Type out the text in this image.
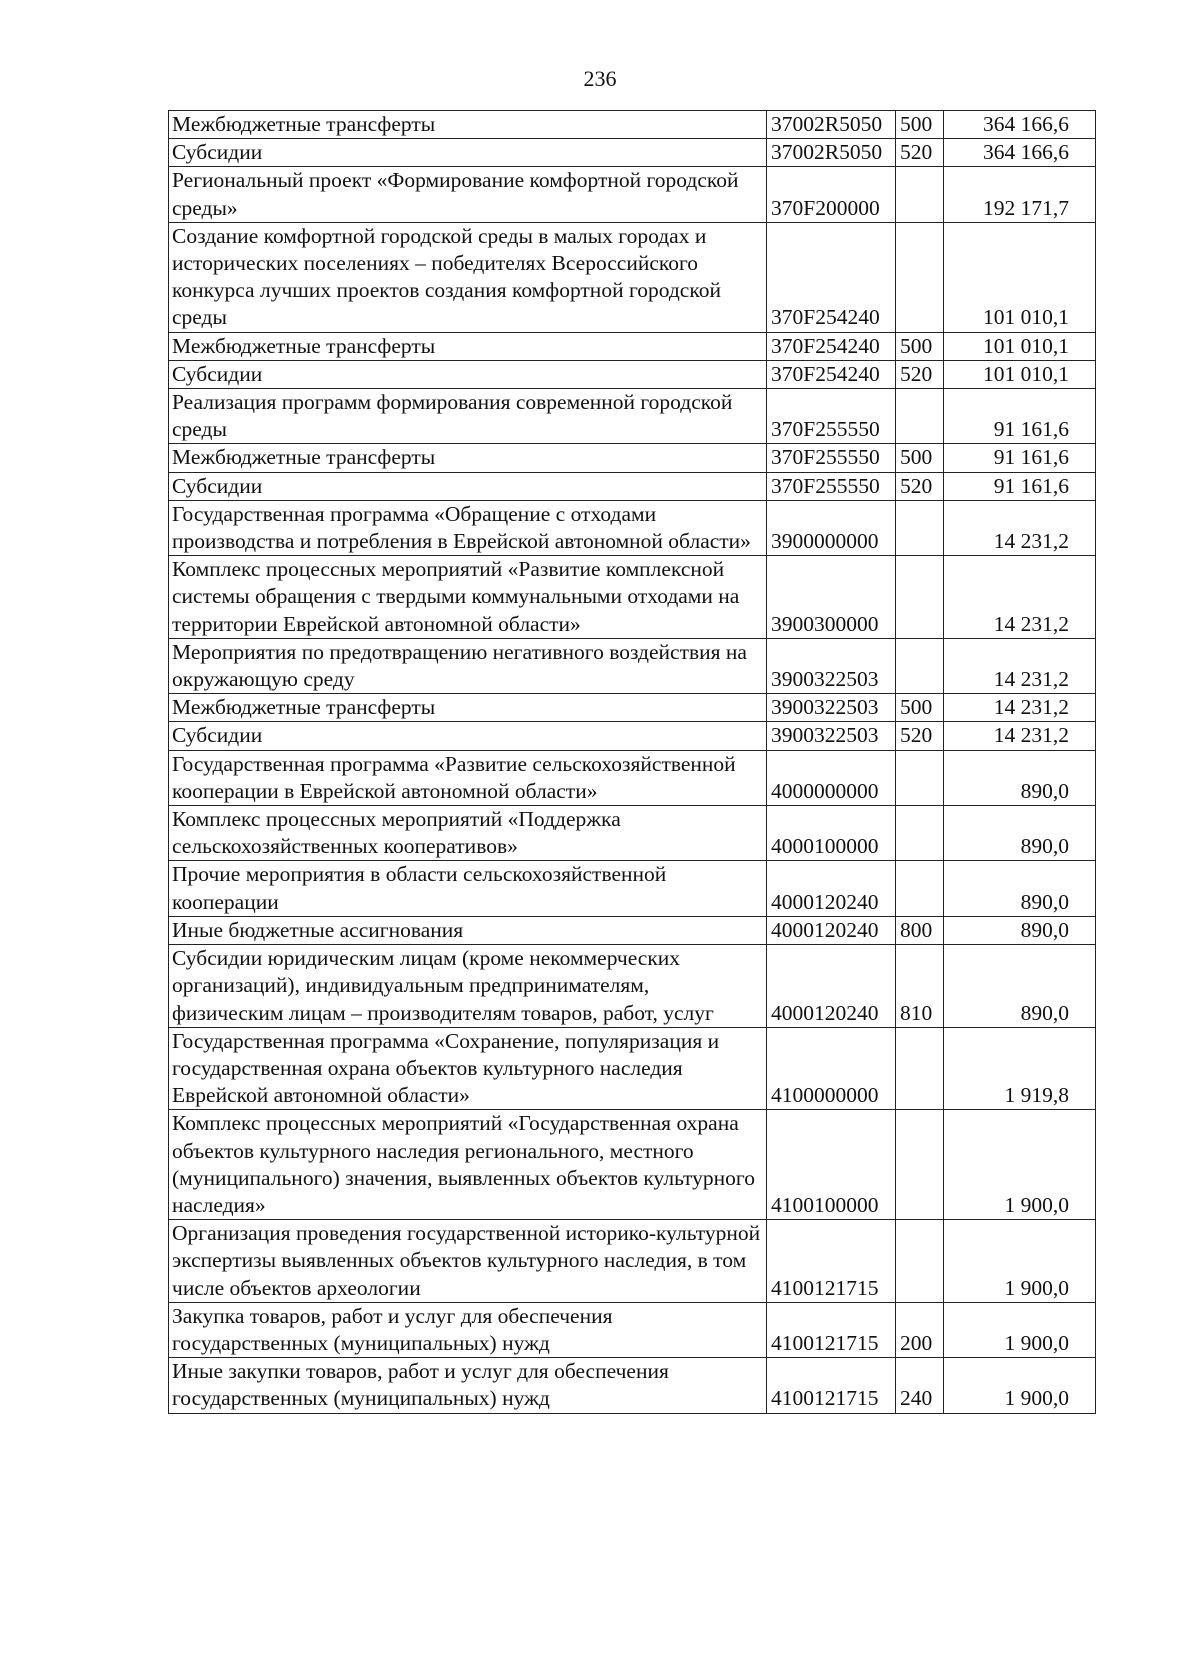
236
Межбюджетные трансферты	37002R5050	500	364 166,6
Субсидии	37002R5050	520	364 166,6
Региональный проект «Формирование комфортной городской среды»	370F200000		192 171,7
Создание комфортной городской среды в малых городах и исторических поселениях – победителях Всероссийского конкурса лучших проектов создания комфортной городской среды	370F254240		101 010,1
Межбюджетные трансферты	370F254240	500	101 010,1
Субсидии	370F254240	520	101 010,1
Реализация программ формирования современной городской среды	370F255550		91 161,6
Межбюджетные трансферты	370F255550	500	91 161,6
Субсидии	370F255550	520	91 161,6
Государственная программа «Обращение с отходами производства и потребления в Еврейской автономной области»	3900000000		14 231,2
Комплекс процессных мероприятий «Развитие комплексной системы обращения с твердыми коммунальными отходами на территории Еврейской автономной области»	3900300000		14 231,2
Мероприятия по предотвращению негативного воздействия на окружающую среду	3900322503		14 231,2
Межбюджетные трансферты	3900322503	500	14 231,2
Субсидии	3900322503	520	14 231,2
Государственная программа «Развитие сельскохозяйственной кооперации в Еврейской автономной области»	4000000000		890,0
Комплекс процессных мероприятий «Поддержка сельскохозяйственных кооперативов»	4000100000		890,0
Прочие мероприятия в области сельскохозяйственной кооперации	4000120240		890,0
Иные бюджетные ассигнования	4000120240	800	890,0
Субсидии юридическим лицам (кроме некоммерческих организаций), индивидуальным предпринимателям, физическим лицам – производителям товаров, работ, услуг	4000120240	810	890,0
Государственная программа «Сохранение, популяризация и государственная охрана объектов культурного наследия Еврейской автономной области»	4100000000		1 919,8
Комплекс процессных мероприятий «Государственная охрана объектов культурного наследия регионального, местного (муниципального) значения, выявленных объектов культурного наследия»	4100100000		1 900,0
Организация проведения государственной историко-культурной экспертизы выявленных объектов культурного наследия, в том числе объектов археологии	4100121715		1 900,0
Закупка товаров, работ и услуг для обеспечения государственных (муниципальных) нужд	4100121715	200	1 900,0
Иные закупки товаров, работ и услуг для обеспечения государственных (муниципальных) нужд	4100121715	240	1 900,0
